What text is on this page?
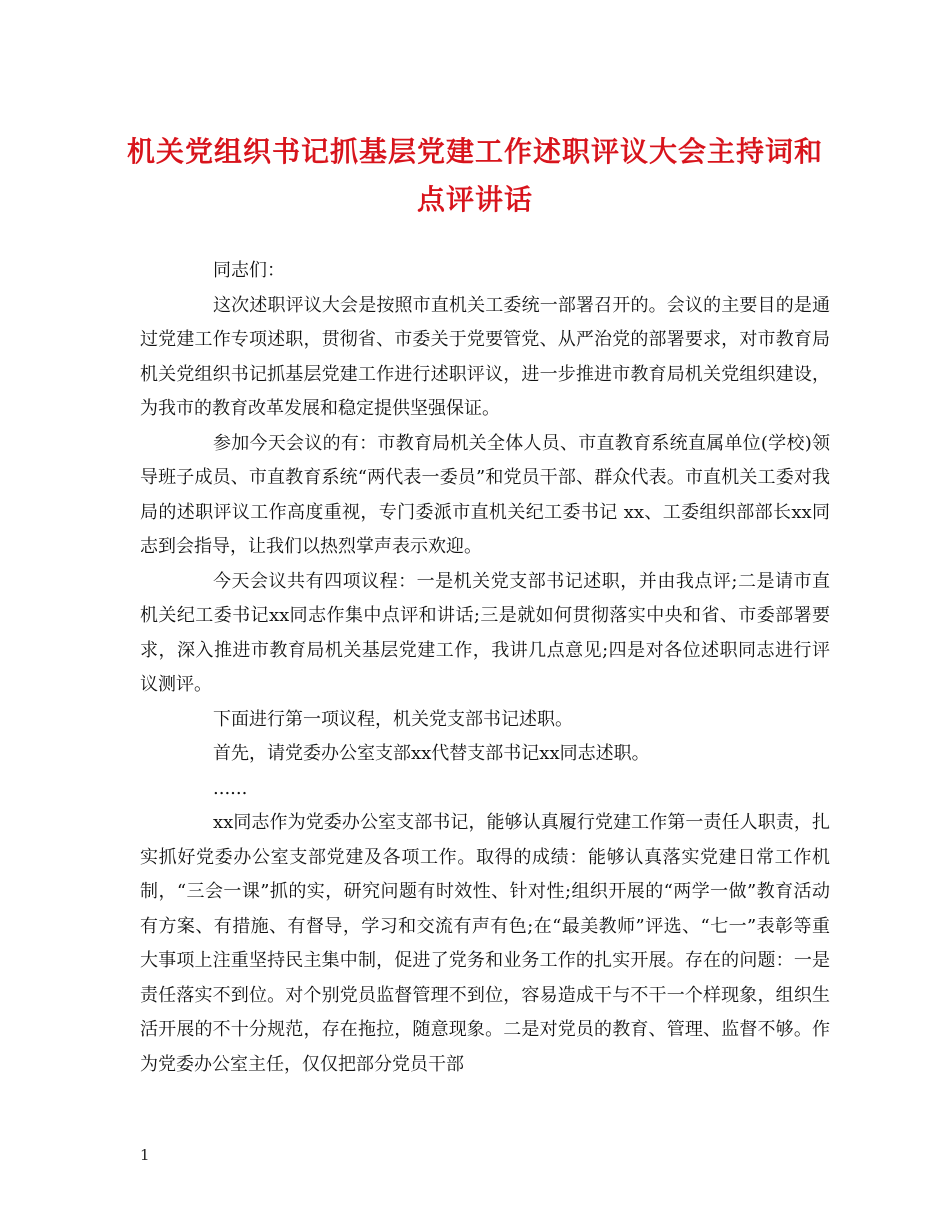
机关党组织书记抓基层党建工作述职评议大会主持词和
点评讲话

同志们：

这次述职评议大会是按照市直机关工委统一部署召开的。会议的主要目的是通过党建工作专项述职，贯彻省、市委关于党要管党、从严治党的部署要求，对市教育局机关党组织书记抓基层党建工作进行述职评议，进一步推进市教育局机关党组织建设，为我市的教育改革发展和稳定提供坚强保证。

参加今天会议的有：市教育局机关全体人员、市直教育系统直属单位(学校)领导班子成员、市直教育系统“两代表一委员”和党员干部、群众代表。市直机关工委对我局的述职评议工作高度重视，专门委派市直机关纪工委书记 xx、工委组织部部长xx同志到会指导，让我们以热烈掌声表示欢迎。

今天会议共有四项议程：一是机关党支部书记述职，并由我点评;二是请市直机关纪工委书记xx同志作集中点评和讲话;三是就如何贯彻落实中央和省、市委部署要求，深入推进市教育局机关基层党建工作，我讲几点意见;四是对各位述职同志进行评议测评。

下面进行第一项议程，机关党支部书记述职。

首先，请党委办公室支部xx代替支部书记xx同志述职。

......

xx同志作为党委办公室支部书记，能够认真履行党建工作第一责任人职责，扎实抓好党委办公室支部党建及各项工作。取得的成绩：能够认真落实党建日常工作机制，“三会一课”抓的实，研究问题有时效性、针对性;组织开展的“两学一做”教育活动有方案、有措施、有督导，学习和交流有声有色;在“最美教师”评选、“七一”表彰等重大事项上注重坚持民主集中制，促进了党务和业务工作的扎实开展。存在的问题：一是责任落实不到位。对个别党员监督管理不到位，容易造成干与不干一个样现象，组织生活开展的不十分规范，存在拖拉，随意现象。二是对党员的教育、管理、监督不够。作为党委办公室主任，仅仅把部分党员干部

1
